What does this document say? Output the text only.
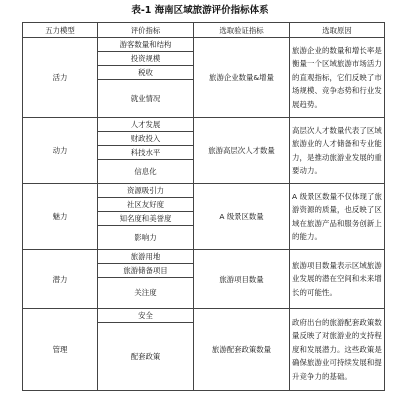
表-1 海南区域旅游评价指标体系
五力模型	评价指标	选取验证指标	选取原因
活力	游客数量和结构	旅游企业数量&增量	旅游企业的数量和增长率是衡量一个区域旅游市场活力的直观指标，它们反映了市场规模、竞争态势和行业发展趋势。
	投资规模		
	税收		
	就业情况		
动力	人才发展	旅游高层次人才数量	高层次人才数量代表了区域旅游业的人才储备和专业能力，是推动旅游业发展的重要动力。
	财政投入		
	科技水平		
	信息化		
魅力	资源吸引力	A 级景区数量	A 级景区数量不仅体现了旅游资源的质量，也反映了区域在旅游产品和服务创新上的能力。
	社区友好度		
	知名度和美誉度		
	影响力		
潜力	旅游用地	旅游项目数量	旅游项目数量表示区域旅游业发展的潜在空间和未来增长的可能性。
	旅游储备项目		
	关注度		
管理	安全	旅游配套政策数量	政府出台的旅游配套政策数量反映了对旅游业的支持程度和发展潜力。这些政策是确保旅游业可持续发展和提升竞争力的基础。
	配套政策		
